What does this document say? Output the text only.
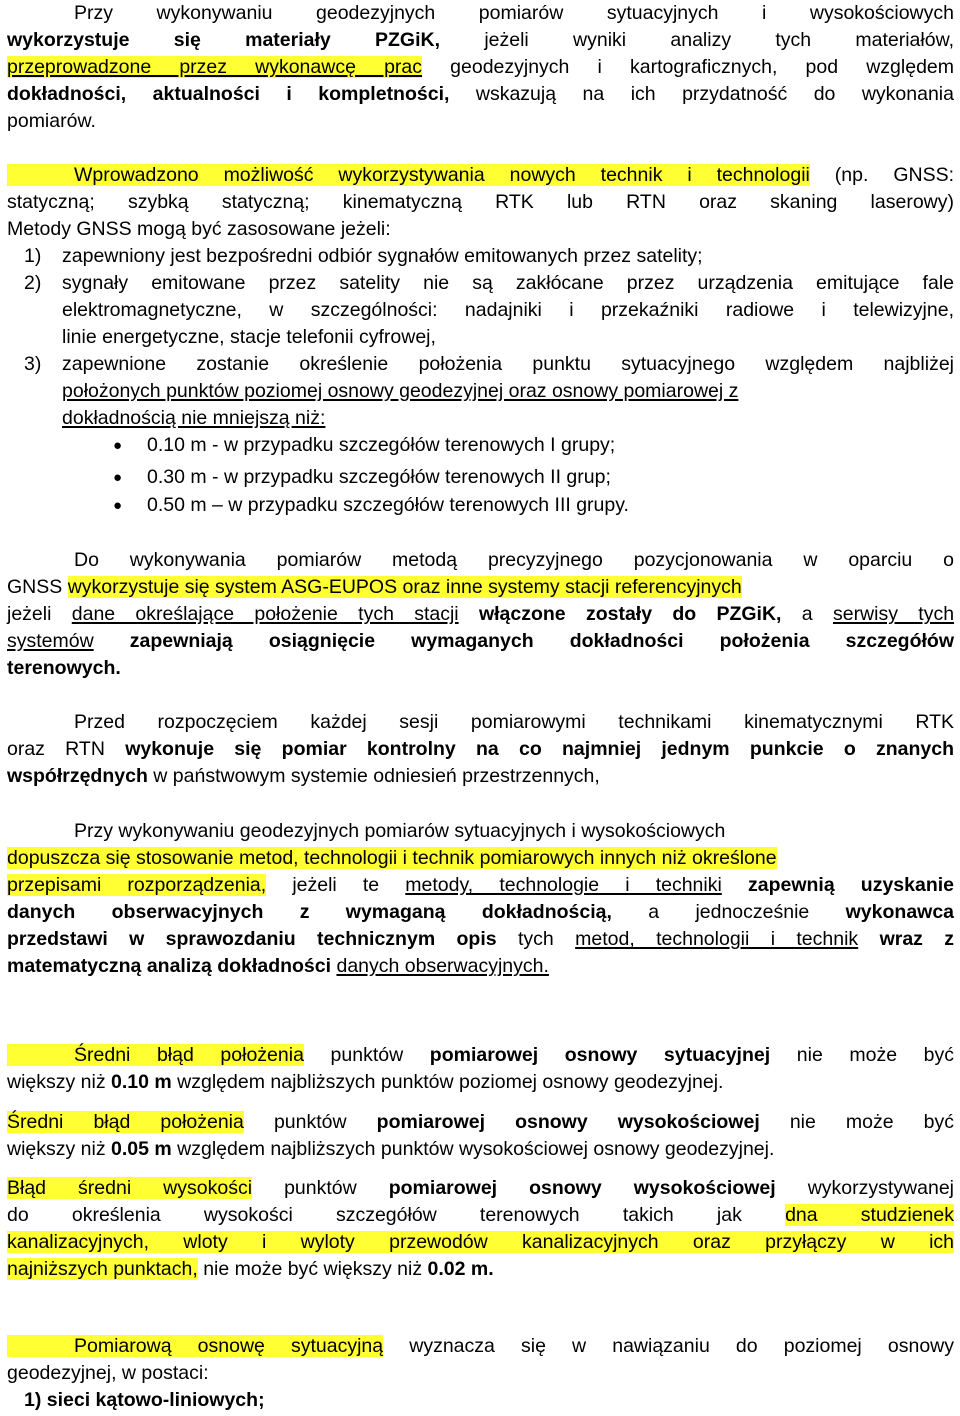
Przy wykonywaniu geodezyjnych pomiarów sytuacyjnych i wysokościowych
wykorzystuje się materiały PZGiK, jeżeli wyniki analizy tych materiałów,
przeprowadzone przez wykonawcę prac geodezyjnych i kartograficznych, pod względem
dokładności, aktualności i kompletności, wskazują na ich przydatność do wykonania
pomiarów.
Wprowadzono możliwość wykorzystywania nowych technik i technologii (np. GNSS:
statyczną; szybką statyczną; kinematyczną RTK lub RTN oraz skaning laserowy)
Metody GNSS mogą być zasosowane jeżeli:
1)	zapewniony jest bezpośredni odbiór sygnałów emitowanych przez satelity;
2)	sygnały emitowane przez satelity nie są zakłócane przez urządzenia emitujące fale
elektromagnetyczne, w szczególności: nadajniki i przekaźniki radiowe i telewizyjne,
linie energetyczne, stacje telefonii cyfrowej,
3)	zapewnione zostanie określenie położenia punktu sytuacyjnego względem najbliżej
położonych punktów poziomej osnowy geodezyjnej oraz osnowy pomiarowej z
dokładnością nie mniejszą niż:
● 0.10 m - w przypadku szczegółów terenowych I grupy;
● 0.30 m - w przypadku szczegółów terenowych II grup;
● 0.50 m – w przypadku szczegółów terenowych III grupy.
Do wykonywania pomiarów metodą precyzyjnego pozycjonowania w oparciu o
GNSS wykorzystuje się system ASG-EUPOS oraz inne systemy stacji referencyjnych
jeżeli dane określające położenie tych stacji włączone zostały do PZGiK, a serwisy tych
systemów zapewniają osiągnięcie wymaganych dokładności położenia szczegółów
terenowych.
Przed rozpoczęciem każdej sesji pomiarowymi technikami kinematycznymi RTK
oraz RTN wykonuje się pomiar kontrolny na co najmniej jednym punkcie o znanych
współrzędnych w państwowym systemie odniesień przestrzennych,
Przy wykonywaniu geodezyjnych pomiarów sytuacyjnych i wysokościowych
dopuszcza się stosowanie metod, technologii i technik pomiarowych innych niż określone
przepisami rozporządzenia, jeżeli te metody, technologie i techniki zapewnią uzyskanie
danych obserwacyjnych z wymaganą dokładnością, a jednocześnie wykonawca
przedstawi w sprawozdaniu technicznym opis tych metod, technologii i technik wraz z
matematyczną analizą dokładności danych obserwacyjnych.
Średni błąd położenia punktów pomiarowej osnowy sytuacyjnej nie może być
większy niż 0.10 m względem najbliższych punktów poziomej osnowy geodezyjnej.
Średni błąd położenia punktów pomiarowej osnowy wysokościowej nie może być
większy niż 0.05 m względem najbliższych punktów wysokościowej osnowy geodezyjnej.
Błąd średni wysokości punktów pomiarowej osnowy wysokościowej wykorzystywanej
do określenia wysokości szczegółów terenowych takich jak dna studzienek
kanalizacyjnych, wloty i wyloty przewodów kanalizacyjnych oraz przyłączy w ich
najniższych punktach, nie może być większy niż 0.02 m.
Pomiarową osnowę sytuacyjną wyznacza się w nawiązaniu do poziomej osnowy
geodezyjnej, w postaci:
1) sieci kątowo-liniowych;
